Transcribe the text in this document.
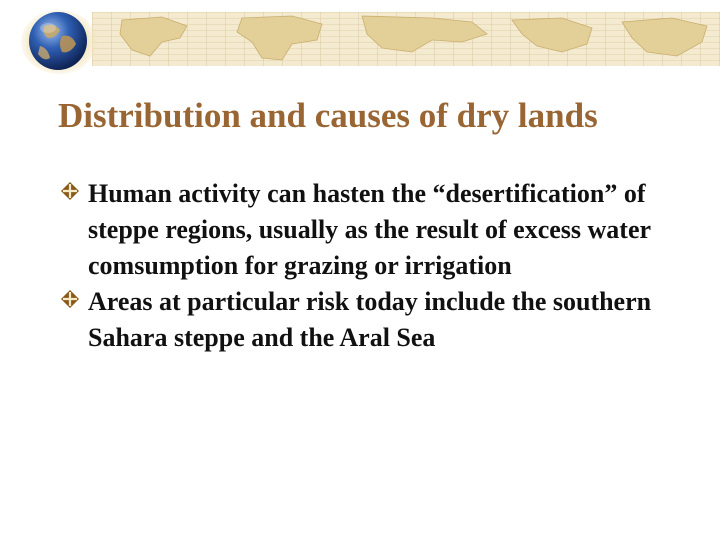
Distribution and causes of dry lands
Human activity can hasten the “desertification” of steppe regions, usually as the result of excess water comsumption for grazing or irrigation
Areas at particular risk today include the southern Sahara steppe and the Aral Sea
